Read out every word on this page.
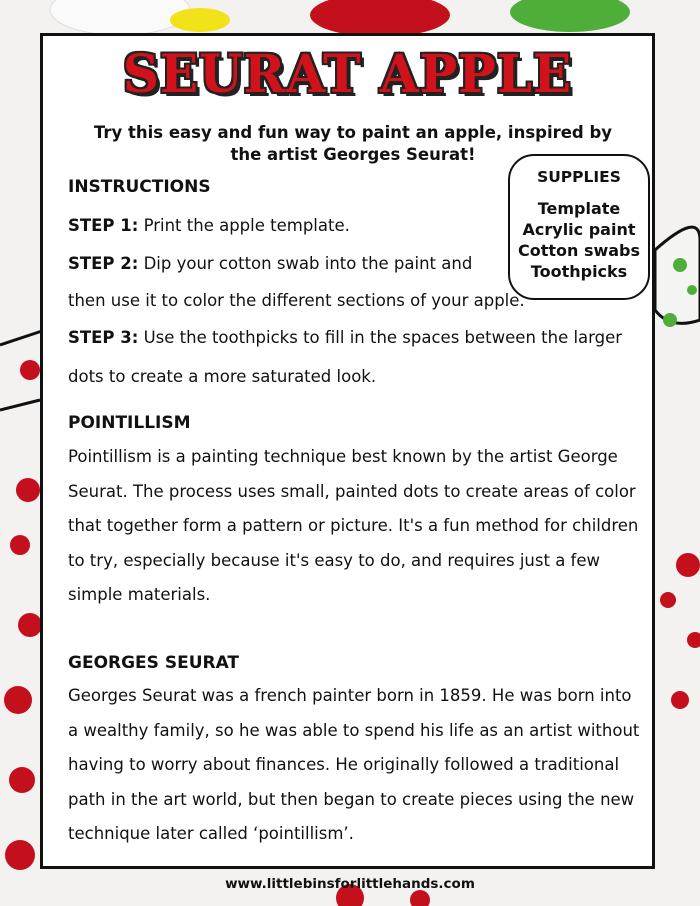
SEURAT APPLE
Try this easy and fun way to paint an apple, inspired by the artist Georges Seurat!
SUPPLIES
Template
Acrylic paint
Cotton swabs
Toothpicks
INSTRUCTIONS
STEP 1: Print the apple template.
STEP 2: Dip your cotton swab into the paint and
then use it to color the different sections of your apple.
STEP 3: Use the toothpicks to fill in the spaces between the larger
dots to create a more saturated look.
POINTILLISM
Pointillism is a painting technique best known by the artist George Seurat. The process uses small, painted dots to create areas of color that together form a pattern or picture. It's a fun method for children to try, especially because it's easy to do, and requires just a few simple materials.
GEORGES SEURAT
Georges Seurat was a french painter born in 1859. He was born into a wealthy family, so he was able to spend his life as an artist without having to worry about finances. He originally followed a traditional path in the art world, but then began to create pieces using the new technique later called ‘pointillism’.
www.littlebinsforlittlehands.com
